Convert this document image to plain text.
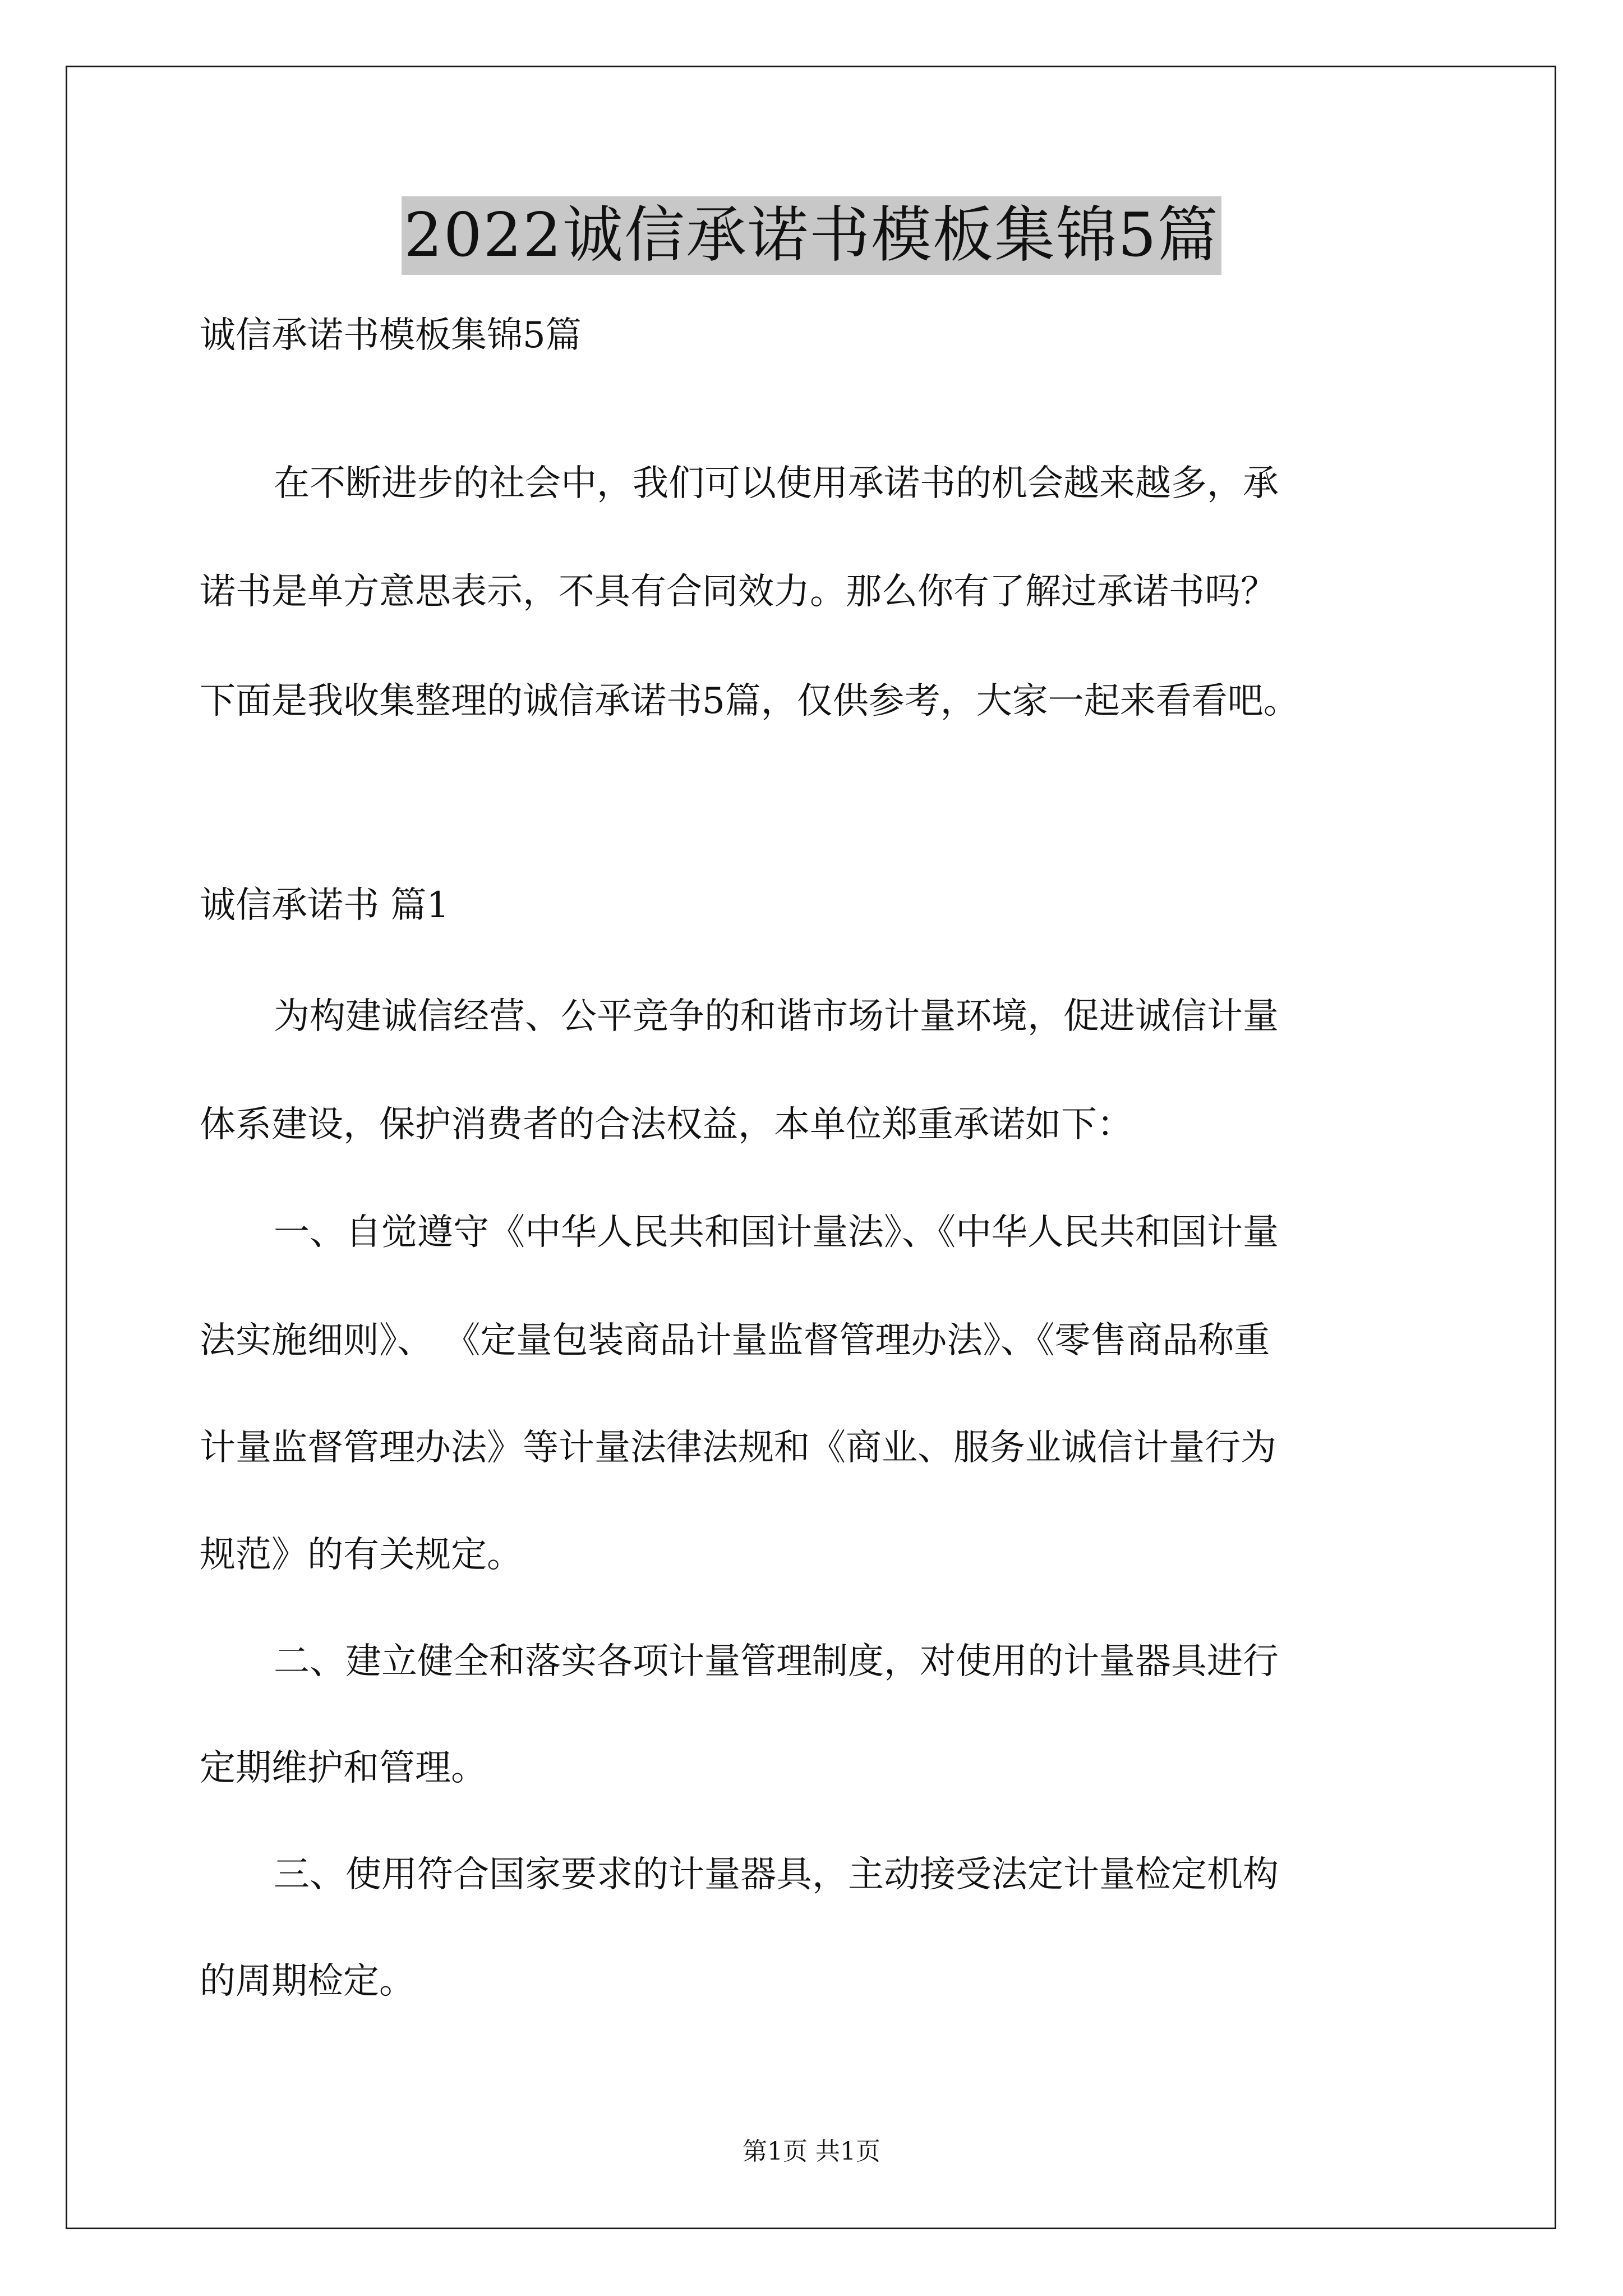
2022诚信承诺书模板集锦5篇
诚信承诺书模板集锦5篇
在不断进步的社会中，我们可以使用承诺书的机会越来越多，承
诺书是单方意思表示，不具有合同效力。那么你有了解过承诺书吗？
下面是我收集整理的诚信承诺书5篇，仅供参考，大家一起来看看吧。
诚信承诺书 篇1
为构建诚信经营、公平竞争的和谐市场计量环境，促进诚信计量
体系建设，保护消费者的合法权益，本单位郑重承诺如下：
一、自觉遵守《中华人民共和国计量法》、《中华人民共和国计量
法实施细则》、 《定量包装商品计量监督管理办法》、《零售商品称重
计量监督管理办法》等计量法律法规和《商业、服务业诚信计量行为
规范》的有关规定。
二、建立健全和落实各项计量管理制度，对使用的计量器具进行
定期维护和管理。
三、使用符合国家要求的计量器具，主动接受法定计量检定机构
的周期检定。
第1页 共1页
